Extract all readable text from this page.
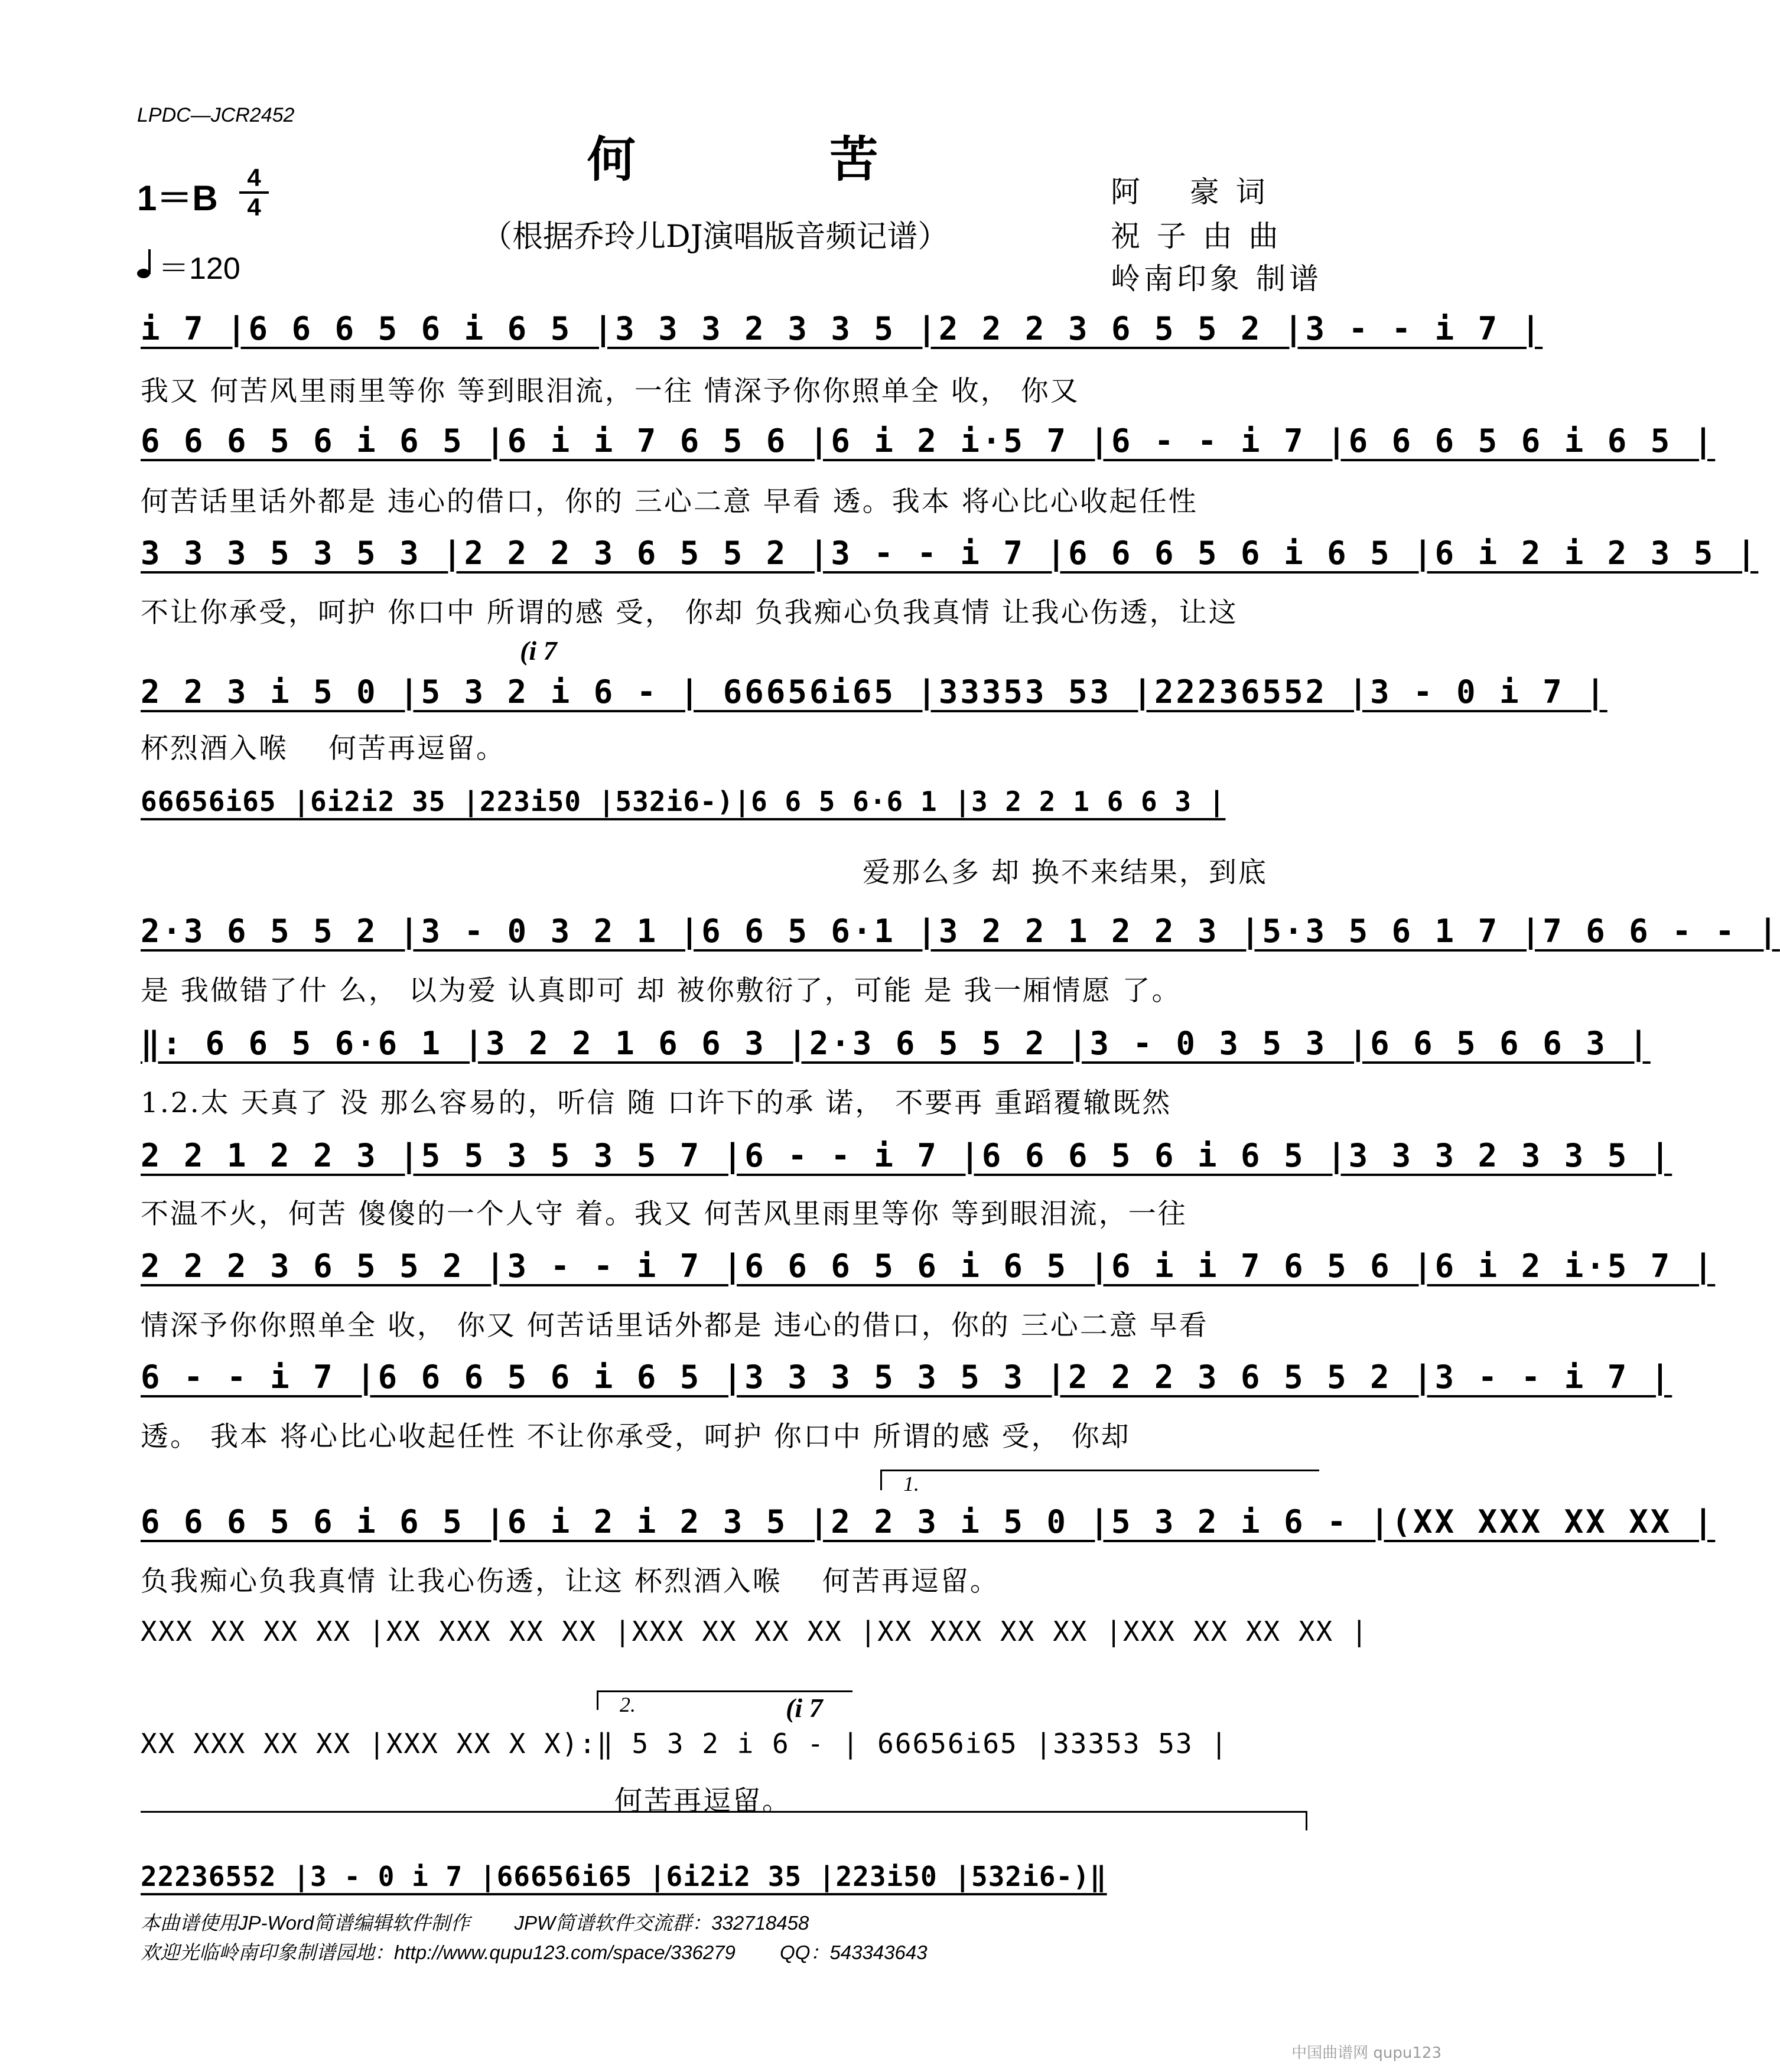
LPDC—JCR2452
何 苦
1＝B
4
4
＝120
（根据乔玲儿DJ演唱版音频记谱）
阿　 豪 词
祝 子 由 曲
岭南印象 制谱
i 7 |6 6 6 5 6 i 6 5 |3 3 3 2 3 3 5 |2 2 2 3 6 5 5 2 |3 - - i 7 |
我又 何苦风里雨里等你 等到眼泪流，一往 情深予你你照单全 收， 你又
6 6 6 5 6 i 6 5 |6 i i 7 6 5 6 |6 i 2 i·5 7 |6 - - i 7 |6 6 6 5 6 i 6 5 |
何苦话里话外都是 违心的借口，你的 三心二意 早看 透。我本 将心比心收起任性
3 3 3 5 3 5 3 |2 2 2 3 6 5 5 2 |3 - - i 7 |6 6 6 5 6 i 6 5 |6 i 2 i 2 3 5 |
不让你承受，呵护 你口中 所谓的感 受， 你却 负我痴心负我真情 让我心伤透，让这
2 2 3 i 5 0 |5 3 2 i 6 - | 66656i65 |33353 53 |22236552 |3 - 0 i 7 |
(i 7
杯烈酒入喉　 何苦再逗留。
66656i65 |6i2i2 35 |223i50 |532i6-)|6 6 5 6·6 1 |3 2 2 1 6 6 3 |
爱那么多 却 换不来结果，到底
2·3 6 5 5 2 |3 - 0 3 2 1 |6 6 5 6·1 |3 2 2 1 2 2 3 |5·3 5 6 1 7 |7 6 6 - - |
是 我做错了什 么， 以为爱 认真即可 却 被你敷衍了，可能 是 我一厢情愿 了。
‖: 6 6 5 6·6 1 |3 2 2 1 6 6 3 |2·3 6 5 5 2 |3 - 0 3 5 3 |6 6 5 6 6 3 |
1.2.太 天真了 没 那么容易的，听信 随 口许下的承 诺， 不要再 重蹈覆辙既然
2 2 1 2 2 3 |5 5 3 5 3 5 7 |6 - - i 7 |6 6 6 5 6 i 6 5 |3 3 3 2 3 3 5 |
不温不火，何苦 傻傻的一个人守 着。我又 何苦风里雨里等你 等到眼泪流，一往
2 2 2 3 6 5 5 2 |3 - - i 7 |6 6 6 5 6 i 6 5 |6 i i 7 6 5 6 |6 i 2 i·5 7 |
情深予你你照单全 收， 你又 何苦话里话外都是 违心的借口，你的 三心二意 早看
6 - - i 7 |6 6 6 5 6 i 6 5 |3 3 3 5 3 5 3 |2 2 2 3 6 5 5 2 |3 - - i 7 |
透。 我本 将心比心收起任性 不让你承受，呵护 你口中 所谓的感 受， 你却
1.
6 6 6 5 6 i 6 5 |6 i 2 i 2 3 5 |2 2 3 i 5 0 |5 3 2 i 6 - |(XX XXX XX XX |
负我痴心负我真情 让我心伤透，让这 杯烈酒入喉　 何苦再逗留。
XXX XX XX XX |XX XXX XX XX |XXX XX XX XX |XX XXX XX XX |XXX XX XX XX |
2.	(i 7
XX XXX XX XX |XXX XX X X):‖ 5 3 2 i 6 - | 66656i65 |33353 53 |
何苦再逗留。
22236552 |3 - 0 i 7 |66656i65 |6i2i2 35 |223i50 |532i6-)‖
本曲谱使用JP-Word简谱编辑软件制作　　 JPW简谱软件交流群：332718458
欢迎光临岭南印象制谱园地：http://www.qupu123.com/space/336279　　 QQ：543343643
中国曲谱网 qupu123
